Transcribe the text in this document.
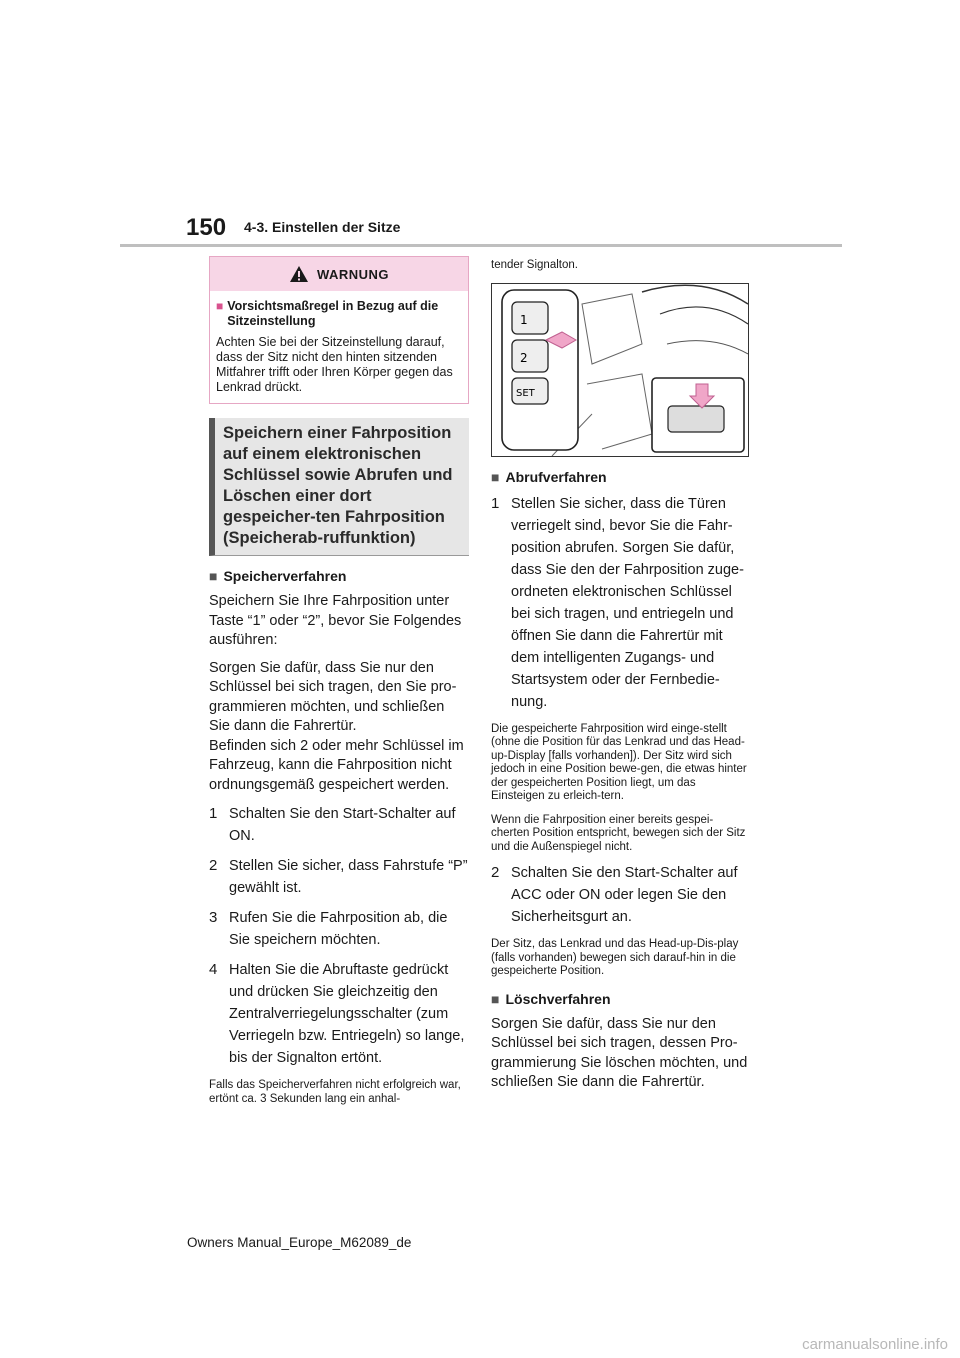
150 4-3. Einstellen der Sitze
WARNUNG
■ Vorsichtsmaßregel in Bezug auf die Sitzeinstellung
Achten Sie bei der Sitzeinstellung darauf, dass der Sitz nicht den hinten sitzenden Mitfahrer trifft oder Ihren Körper gegen das Lenkrad drückt.
Speichern einer Fahrposition auf einem elektronischen Schlüssel sowie Abrufen und Löschen einer dort gespeicher-ten Fahrposition (Speicherab-ruffunktion)
■ Speicherverfahren
Speichern Sie Ihre Fahrposition unter Taste “1” oder “2”, bevor Sie Folgendes ausführen:
Sorgen Sie dafür, dass Sie nur den Schlüssel bei sich tragen, den Sie pro-grammieren möchten, und schließen Sie dann die Fahrertür.
Befinden sich 2 oder mehr Schlüssel im Fahrzeug, kann die Fahrposition nicht ordnungsgemäß gespeichert werden.
1 Schalten Sie den Start-Schalter auf ON.
2 Stellen Sie sicher, dass Fahrstufe “P” gewählt ist.
3 Rufen Sie die Fahrposition ab, die Sie speichern möchten.
4 Halten Sie die Abruftaste gedrückt und drücken Sie gleichzeitig den Zentralverriegelungsschalter (zum Verriegeln bzw. Entriegeln) so lange, bis der Signalton ertönt.
Falls das Speicherverfahren nicht erfolgreich war, ertönt ca. 3 Sekunden lang ein anhal-
tender Signalton.
1
2
SET
■ Abrufverfahren
1 Stellen Sie sicher, dass die Türen verriegelt sind, bevor Sie die Fahr-position abrufen. Sorgen Sie dafür, dass Sie den der Fahrposition zuge-ordneten elektronischen Schlüssel bei sich tragen, und entriegeln und öffnen Sie dann die Fahrertür mit dem intelligenten Zugangs- und Startsystem oder der Fernbedie-nung.
Die gespeicherte Fahrposition wird einge-stellt (ohne die Position für das Lenkrad und das Head-up-Display [falls vorhanden]). Der Sitz wird sich jedoch in eine Position bewe-gen, die etwas hinter der gespeicherten Position liegt, um das Einsteigen zu erleich-tern.
Wenn die Fahrposition einer bereits gespei-cherten Position entspricht, bewegen sich der Sitz und die Außenspiegel nicht.
2 Schalten Sie den Start-Schalter auf ACC oder ON oder legen Sie den Sicherheitsgurt an.
Der Sitz, das Lenkrad und das Head-up-Dis-play (falls vorhanden) bewegen sich darauf-hin in die gespeicherte Position.
■ Löschverfahren
Sorgen Sie dafür, dass Sie nur den Schlüssel bei sich tragen, dessen Pro-grammierung Sie löschen möchten, und schließen Sie dann die Fahrertür.
Owners Manual_Europe_M62089_de
carmanualsonline.info
